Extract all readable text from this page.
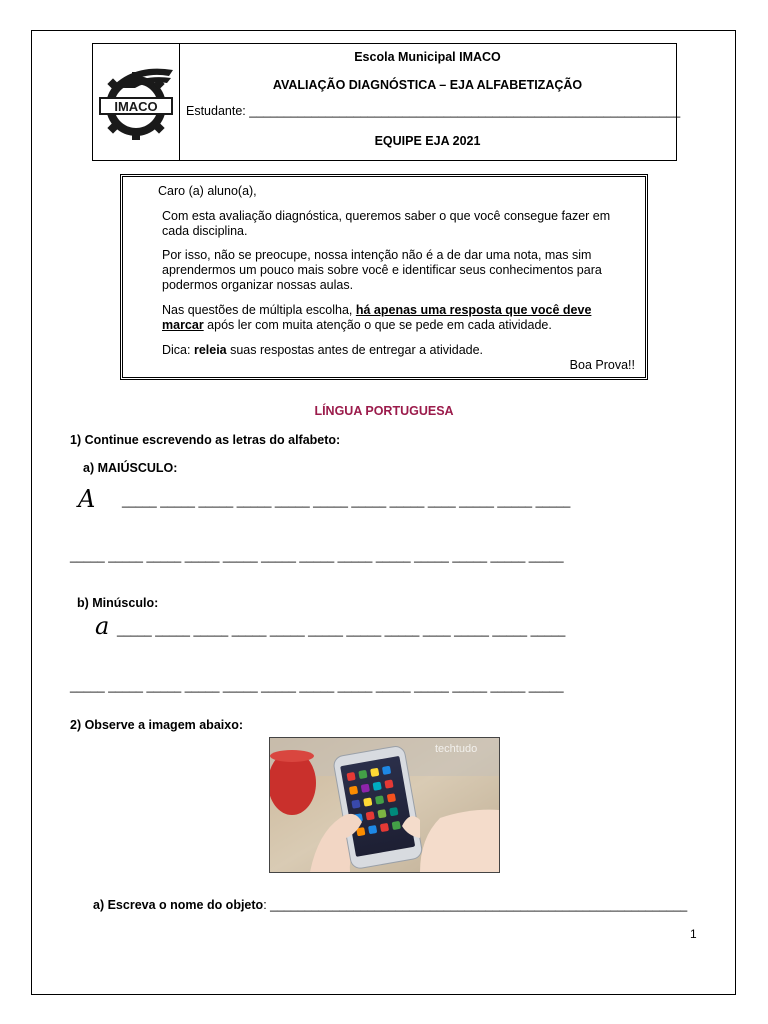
IMACO
Escola Municipal IMACO
AVALIAÇÃO DIAGNÓSTICA – EJA ALFABETIZAÇÃO
Estudante: ______________________________________________________________
EQUIPE EJA 2021

Caro (a) aluno(a),

Com esta avaliação diagnóstica, queremos saber o que você consegue fazer em cada disciplina.

Por isso, não se preocupe, nossa intenção não é a de dar uma nota, mas sim aprendermos um pouco mais sobre você e identificar seus conhecimentos para podermos organizar nossas aulas.

Nas questões de múltipla escolha, há apenas uma resposta que você deve marcar após ler com muita atenção o que se pede em cada atividade.

Dica: releia suas respostas antes de entregar a atividade.

Boa Prova!!

LÍNGUA PORTUGUESA
1) Continue escrevendo as letras do alfabeto:
a) MAIÚSCULO:
A _____ _____ _____ _____ _____ _____ _____ _____ ____ _____ _____ _____
_____ _____ _____ _____ _____ _____ _____ _____ _____ _____ _____ _____ _____
b) Minúsculo:
a _____ _____ _____ _____ _____ _____ _____ _____ ____ _____ _____ _____
_____ _____ _____ _____ _____ _____ _____ _____ _____ _____ _____ _____ _____
2) Observe a imagem abaixo:
techtudo
a) Escreva o nome do objeto: ____________________________________________________________
1
